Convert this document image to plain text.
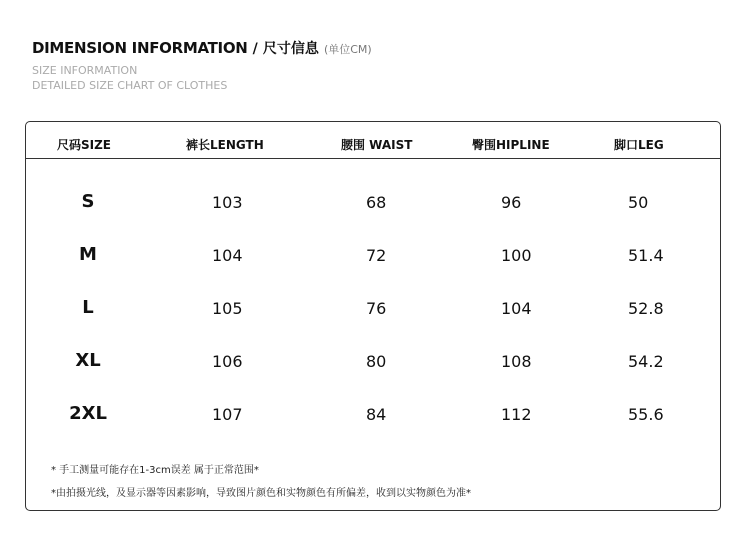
DIMENSION INFORMATION / 尺寸信息 (单位CM)
SIZE INFORMATION
DETAILED SIZE CHART OF CLOTHES
尺码SIZE	裤长LENGTH	腰围 WAIST	臀围HIPLINE	脚口LEG
S	103	68	96	50
M	104	72	100	51.4
L	105	76	104	52.8
XL	106	80	108	54.2
2XL	107	84	112	55.6
* 手工测量可能存在1-3cm误差 属于正常范围*
*由拍摄光线，及显示器等因素影响，导致图片颜色和实物颜色有所偏差，收到以实物颜色为准*
